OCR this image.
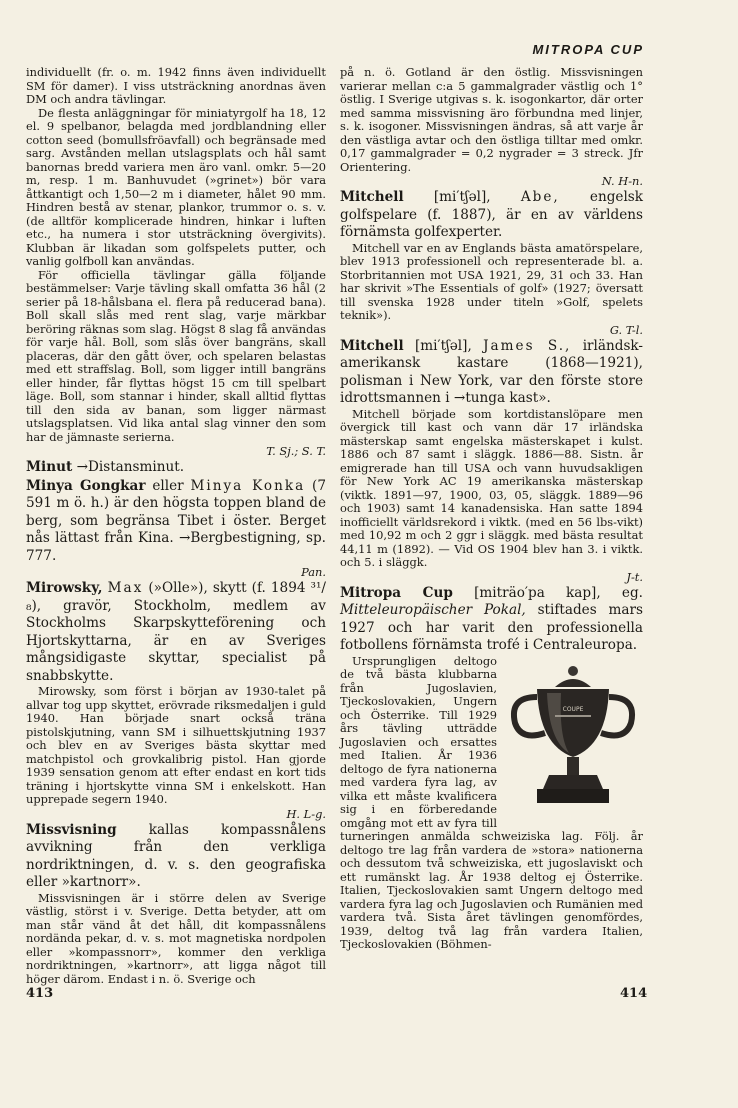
MITROPA CUP

individuellt (fr. o. m. 1942 finns även individuellt SM för damer). I viss utsträckning anordnas även DM och andra tävlingar.

De flesta anläggningar för miniatyrgolf ha 18, 12 el. 9 spelbanor, belagda med jordblandning eller cotton seed (bomullsfröavfall) och begränsade med sarg. Avstånden mellan utslagsplats och hål samt banornas bredd variera men äro vanl. omkr. 5—20 m, resp. 1 m. Banhuvudet (»grinet») bör vara åttkantigt och 1,50—2 m i diameter, hålet 90 mm. Hindren bestå av stenar, plankor, trummor o. s. v. (de alltför komplicerade hindren, hinkar i luften etc., ha numera i stor utsträckning övergivits). Klubban är likadan som golfspelets putter, och vanlig golfboll kan användas.

För officiella tävlingar gälla följande bestämmelser: Varje tävling skall omfatta 36 hål (2 serier på 18-hålsbana el. flera på reducerad bana). Boll skall slås med rent slag, varje märkbar beröring räknas som slag. Högst 8 slag få användas för varje hål. Boll, som slås över bangräns, skall placeras, där den gått över, och spelaren belastas med ett straffslag. Boll, som ligger intill bangräns eller hinder, får flyttas högst 15 cm till spelbart läge. Boll, som stannar i hinder, skall alltid flyttas till den sida av banan, som ligger närmast utslagsplatsen. Vid lika antal slag vinner den som har de jämnaste serierna.

T. Sj.; S. T.

Minut →Distansminut.

Minya Gongkar eller Minya Konka (7 591 m ö. h.) är den högsta toppen bland de berg, som begränsa Tibet i öster. Berget nås lättast från Kina. →Bergbestigning, sp. 777.

Pan.

Mirowsky, Max (»Olle»), skytt (f. 1894 ³¹/₈), gravör, Stockholm, medlem av Stockholms Skarpskytteförening och Hjortskyttarna, är en av Sveriges mångsidigaste skyttar, specialist på snabbskytte.

Mirowsky, som först i början av 1930-talet på allvar tog upp skyttet, erövrade riksmedaljen i guld 1940. Han började snart också träna pistolskjutning, vann SM i silhuettskjutning 1937 och blev en av Sveriges bästa skyttar med matchpistol och grovkalibrig pistol. Han gjorde 1939 sensation genom att efter endast en kort tids träning i hjortskytte vinna SM i enkelskott. Han upprepade segern 1940.

H. L-g.

Missvisning kallas kompassnålens avvikning från den verkliga nordriktningen, d. v. s. den geografiska eller »kartnorr».

Missvisningen är i större delen av Sverige västlig, störst i v. Sverige. Detta betyder, att om man står vänd åt det håll, dit kompassnålens nordända pekar, d. v. s. mot magnetiska nordpolen eller »kompassnorr», kommer den verkliga nordriktningen, »kartnorr», att ligga något till höger därom. Endast i n. ö. Sverige och

på n. ö. Gotland är den östlig. Missvisningen varierar mellan c:a 5 gammalgrader västlig och 1° östlig. I Sverige utgivas s. k. isogonkartor, där orter med samma missvisning äro förbundna med linjer, s. k. isogoner. Missvisningen ändras, så att varje år den västliga avtar och den östliga tilltar med omkr. 0,17 gammalgrader = 0,2 nygrader = 3 streck. Jfr Orientering.

N. H-n.

Mitchell [mi′tʃəl], Abe, engelsk golfspelare (f. 1887), är en av världens förnämsta golfexperter.

Mitchell var en av Englands bästa amatörspelare, blev 1913 professionell och representerade bl. a. Storbritannien mot USA 1921, 29, 31 och 33. Han har skrivit »The Essentials of golf» (1927; översatt till svenska 1928 under titeln »Golf, spelets teknik»).

G. T-l.

Mitchell [mi′tʃəl], James S., irländsk-amerikansk kastare (1868—1921), polisman i New York, var den förste store idrottsmannen i →tunga kast».

Mitchell började som kortdistanslöpare men övergick till kast och vann där 17 irländska mästerskap samt engelska mästerskapet i kulst. 1886 och 87 samt i släggk. 1886—88. Sistn. år emigrerade han till USA och vann huvudsakligen för New York AC 19 amerikanska mästerskap (viktk. 1891—97, 1900, 03, 05, släggk. 1889—96 och 1903) samt 14 kanadensiska. Han satte 1894 inofficiellt världsrekord i viktk. (med en 56 lbs-vikt) med 10,92 m och 2 ggr i släggk. med bästa resultat 44,11 m (1892). — Vid OS 1904 blev han 3. i viktk. och 5. i släggk.

J-t.

Mitropa Cup [miträo′pa kap], eg. Mitteleuropäischer Pokal, stiftades mars 1927 och har varit den professionella fotbollens förnämsta trofé i Centraleuropa.

COUPE

Ursprungligen deltogo de två bästa klubbarna från Jugoslavien, Tjeckoslovakien, Ungern och Österrike. Till 1929 års tävling utträdde Jugoslavien och ersattes med Italien. År 1936 deltogo de fyra nationerna med vardera fyra lag, av vilka ett måste kvalificera sig i en förberedande omgång mot ett av fyra till turneringen anmälda schweiziska lag. Följ. år deltogo tre lag från vardera de »stora» nationerna och dessutom två schweiziska, ett jugoslaviskt och ett rumänskt lag. År 1938 deltog ej Österrike. Italien, Tjeckoslovakien samt Ungern deltogo med vardera fyra lag och Jugoslavien och Rumänien med vardera två. Sista året tävlingen genomfördes, 1939, deltog två lag från vardera Italien, Tjeckoslovakien (Böhmen-

413	414
